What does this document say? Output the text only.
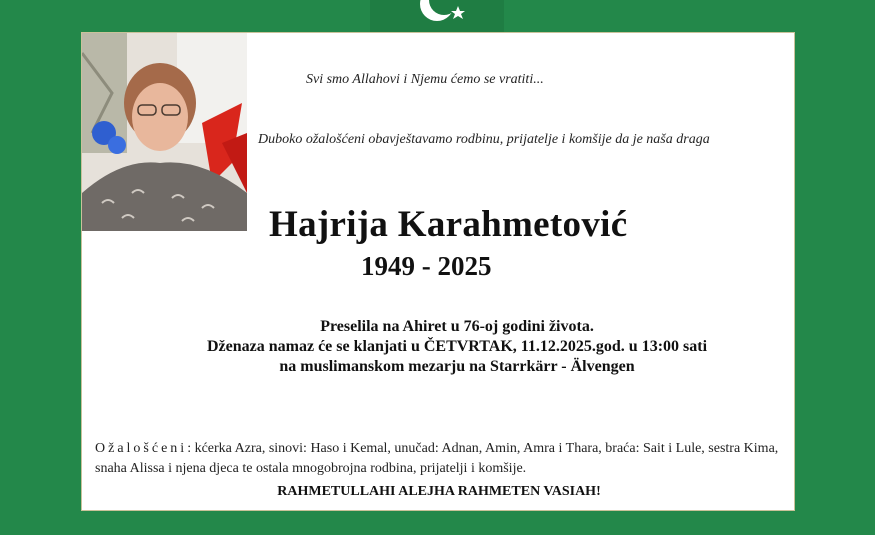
Svi smo Allahovi i Njemu ćemo se vratiti...
Duboko ožalošćeni obavještavamo rodbinu, prijatelje i komšije da je naša draga
Hajrija Karahmetović
1949 - 2025
Preselila na Ahiret u 76-oj godini života.
Dženaza namaz će se klanjati u ČETVRTAK, 11.12.2025.god. u 13:00 sati
na muslimanskom mezarju na Starrkärr - Älvengen
Ožalošćeni: kćerka Azra, sinovi: Haso i Kemal, unučad: Adnan, Amin, Amra i Thara, braća: Sait i Lule, sestra Kima, snaha Alissa i njena djeca te ostala mnogobrojna rodbina, prijatelji i komšije.
RAHMETULLAHI ALEJHA RAHMETEN VASIAH!
